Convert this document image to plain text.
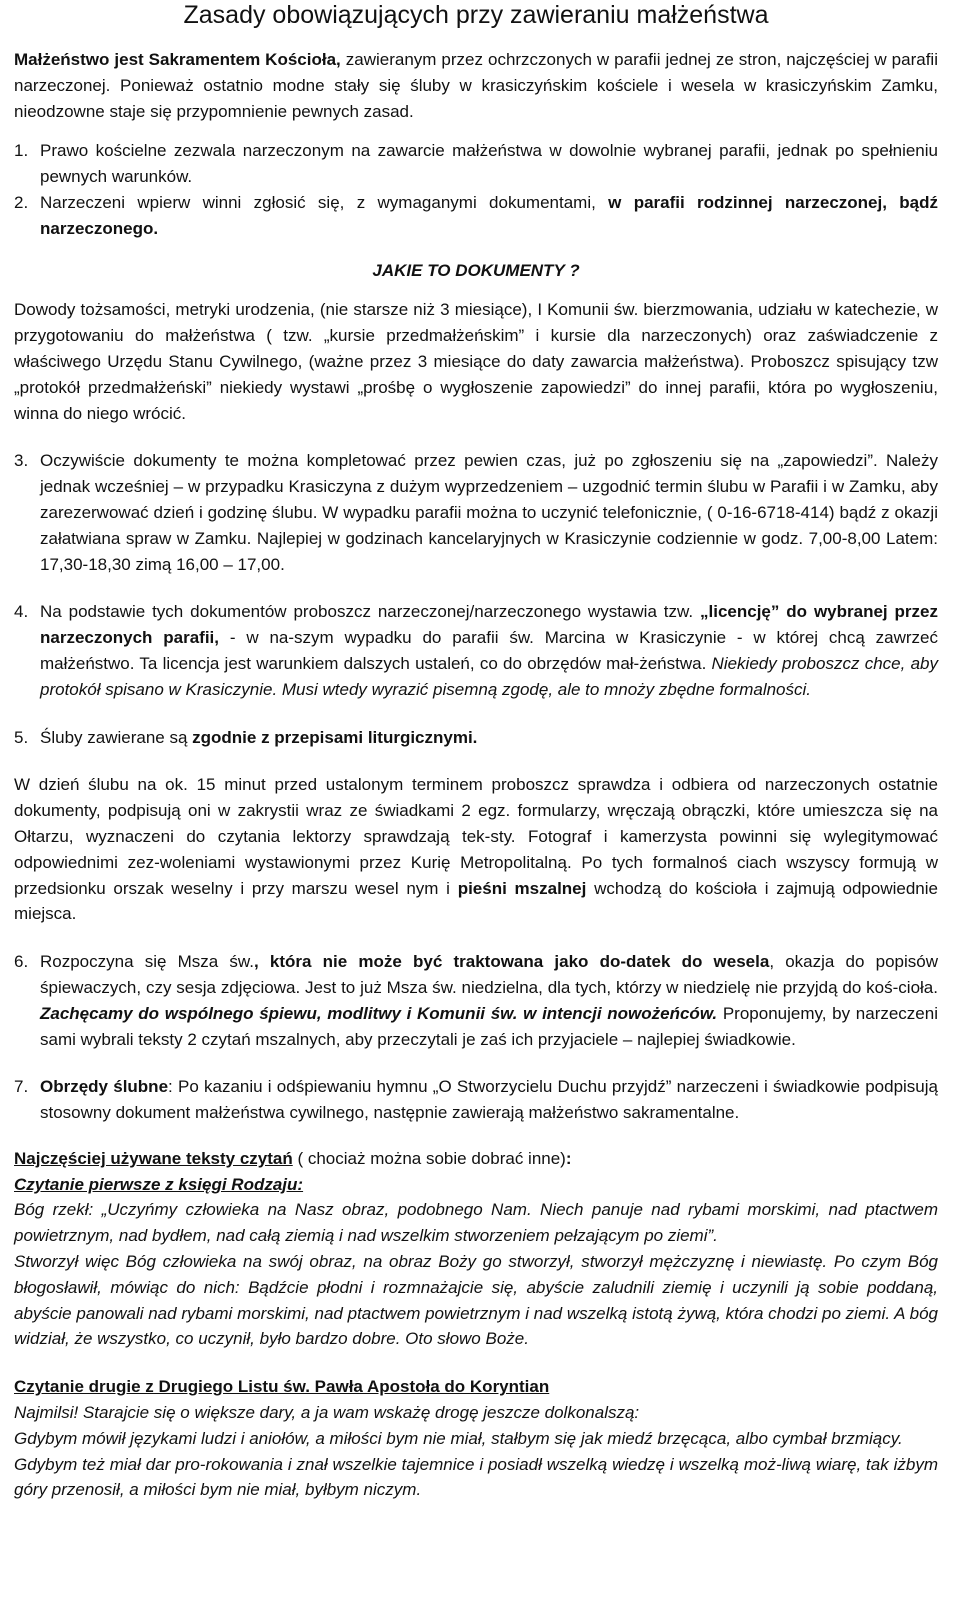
Zasady obowiązujących przy zawieraniu małżeństwa

Małżeństwo jest Sakramentem Kościoła, zawieranym przez ochrzczonych w parafii jednej ze stron, najczęściej w parafii narzeczonej. Ponieważ ostatnio modne stały się śluby w krasiczyńskim kościele i wesela w krasiczyńskim Zamku, nieodzowne staje się przypomnienie pewnych zasad.

1. Prawo kościelne zezwala narzeczonym na zawarcie małżeństwa w dowolnie wybranej parafii, jednak po spełnieniu pewnych warunków.
2. Narzeczeni wpierw winni zgłosić się, z wymaganymi dokumentami, w parafii rodzinnej narzeczonej, bądź narzeczonego.
JAKIE TO DOKUMENTY ?

Dowody tożsamości, metryki urodzenia, (nie starsze niż 3 miesiące), I Komunii św. bierzmowania, udziału w katechezie, w przygotowaniu do małżeństwa ( tzw. „kursie przedmałżeńskim” i kursie dla narzeczonych) oraz zaświadczenie z właściwego Urzędu Stanu Cywilnego, (ważne przez 3 miesiące do daty zawarcia małżeństwa). Proboszcz spisujący tzw „protokół przedmałżeński” niekiedy wystawi „prośbę o wygłoszenie zapowiedzi” do innej parafii, która po wygłoszeniu, winna do niego wrócić.

3. Oczywiście dokumenty te można kompletować przez pewien czas, już po zgłoszeniu się na „zapowiedzi”. Należy jednak wcześniej – w przypadku Krasiczyna z dużym wyprzedzeniem – uzgodnić termin ślubu w Parafii i w Zamku, aby zarezerwować dzień i godzinę ślubu. W wypadku parafii można to uczynić telefonicznie, ( 0-16-6718-414) bądź z okazji załatwiana spraw w Zamku. Najlepiej w godzinach kancelaryjnych w Krasiczynie codziennie w godz. 7,00-8,00 Latem: 17,30-18,30 zimą 16,00 – 17,00.
4. Na podstawie tych dokumentów proboszcz narzeczonej/narzeczonego wystawia tzw. „licencję” do wybranej przez narzeczonych parafii, - w na-szym wypadku do parafii św. Marcina w Krasiczynie - w której chcą zawrzeć małżeństwo. Ta licencja jest warunkiem dalszych ustaleń, co do obrzędów mał-żeństwa. Niekiedy proboszcz chce, aby protokół spisano w Krasiczynie. Musi wtedy wyrazić pisemną zgodę, ale to mnoży zbędne formalności.
5. Śluby zawierane są zgodnie z przepisami liturgicznymi.

W dzień ślubu na ok. 15 minut przed ustalonym terminem proboszcz sprawdza i odbiera od narzeczonych ostatnie dokumenty, podpisują oni w zakrystii wraz ze świadkami 2 egz. formularzy, wręczają obrączki, które umieszcza się na Ołtarzu, wyznaczeni do czytania lektorzy sprawdzają tek-sty. Fotograf i kamerzysta powinni się wylegitymować odpowiednimi zez-woleniami wystawionymi przez Kurię Metropolitalną. Po tych formalnoś ciach wszyscy formują w przedsionku orszak weselny i przy marszu wesel nym i pieśni mszalnej wchodzą do kościoła i zajmują odpowiednie miejsca.

6. Rozpoczyna się Msza św., która nie może być traktowana jako do-datek do wesela, okazja do popisów śpiewaczych, czy sesja zdjęciowa. Jest to już Msza św. niedzielna, dla tych, którzy w niedzielę nie przyjdą do koś-cioła. Zachęcamy do wspólnego śpiewu, modlitwy i Komunii św. w intencji nowożeńców. Proponujemy, by narzeczeni sami wybrali teksty 2 czytań mszalnych, aby przeczytali je zaś ich przyjaciele – najlepiej świadkowie.
7. Obrzędy ślubne: Po kazaniu i odśpiewaniu hymnu „O Stworzycielu Duchu przyjdź” narzeczeni i świadkowie podpisują stosowny dokument małżeństwa cywilnego, następnie zawierają małżeństwo sakramentalne.

Najczęściej używane teksty czytań ( chociaż można sobie dobrać inne):

Czytanie pierwsze z księgi Rodzaju:

Bóg rzekł: „Uczyńmy człowieka na Nasz obraz, podobnego Nam. Niech panuje nad rybami morskimi, nad ptactwem powietrznym, nad bydłem, nad całą ziemią i nad wszelkim stworzeniem pełzającym po ziemi”.

Stworzył więc Bóg człowieka na swój obraz, na obraz Boży go stworzył, stworzył mężczyznę i niewiastę. Po czym Bóg błogosławił, mówiąc do nich: Bądźcie płodni i rozmnażajcie się, abyście zaludnili ziemię i uczynili ją sobie poddaną, abyście panowali nad rybami morskimi, nad ptactwem powietrznym i nad wszelką istotą żywą, która chodzi po ziemi. A bóg widział, że wszystko, co uczynił, było bardzo dobre. Oto słowo Boże.

Czytanie drugie z Drugiego Listu św. Pawła Apostoła do Koryntian

Najmilsi! Starajcie się o większe dary, a ja wam wskażę drogę jeszcze dolkonalszą:

Gdybym mówił językami ludzi i aniołów, a miłości bym nie miał, stałbym się jak miedź brzęcąca, albo cymbał brzmiący.

Gdybym też miał dar pro-rokowania i znał wszelkie tajemnice i posiadł wszelką wiedzę i wszelką moż-liwą wiarę, tak iżbym góry przenosił, a miłości bym nie miał, byłbym niczym.
